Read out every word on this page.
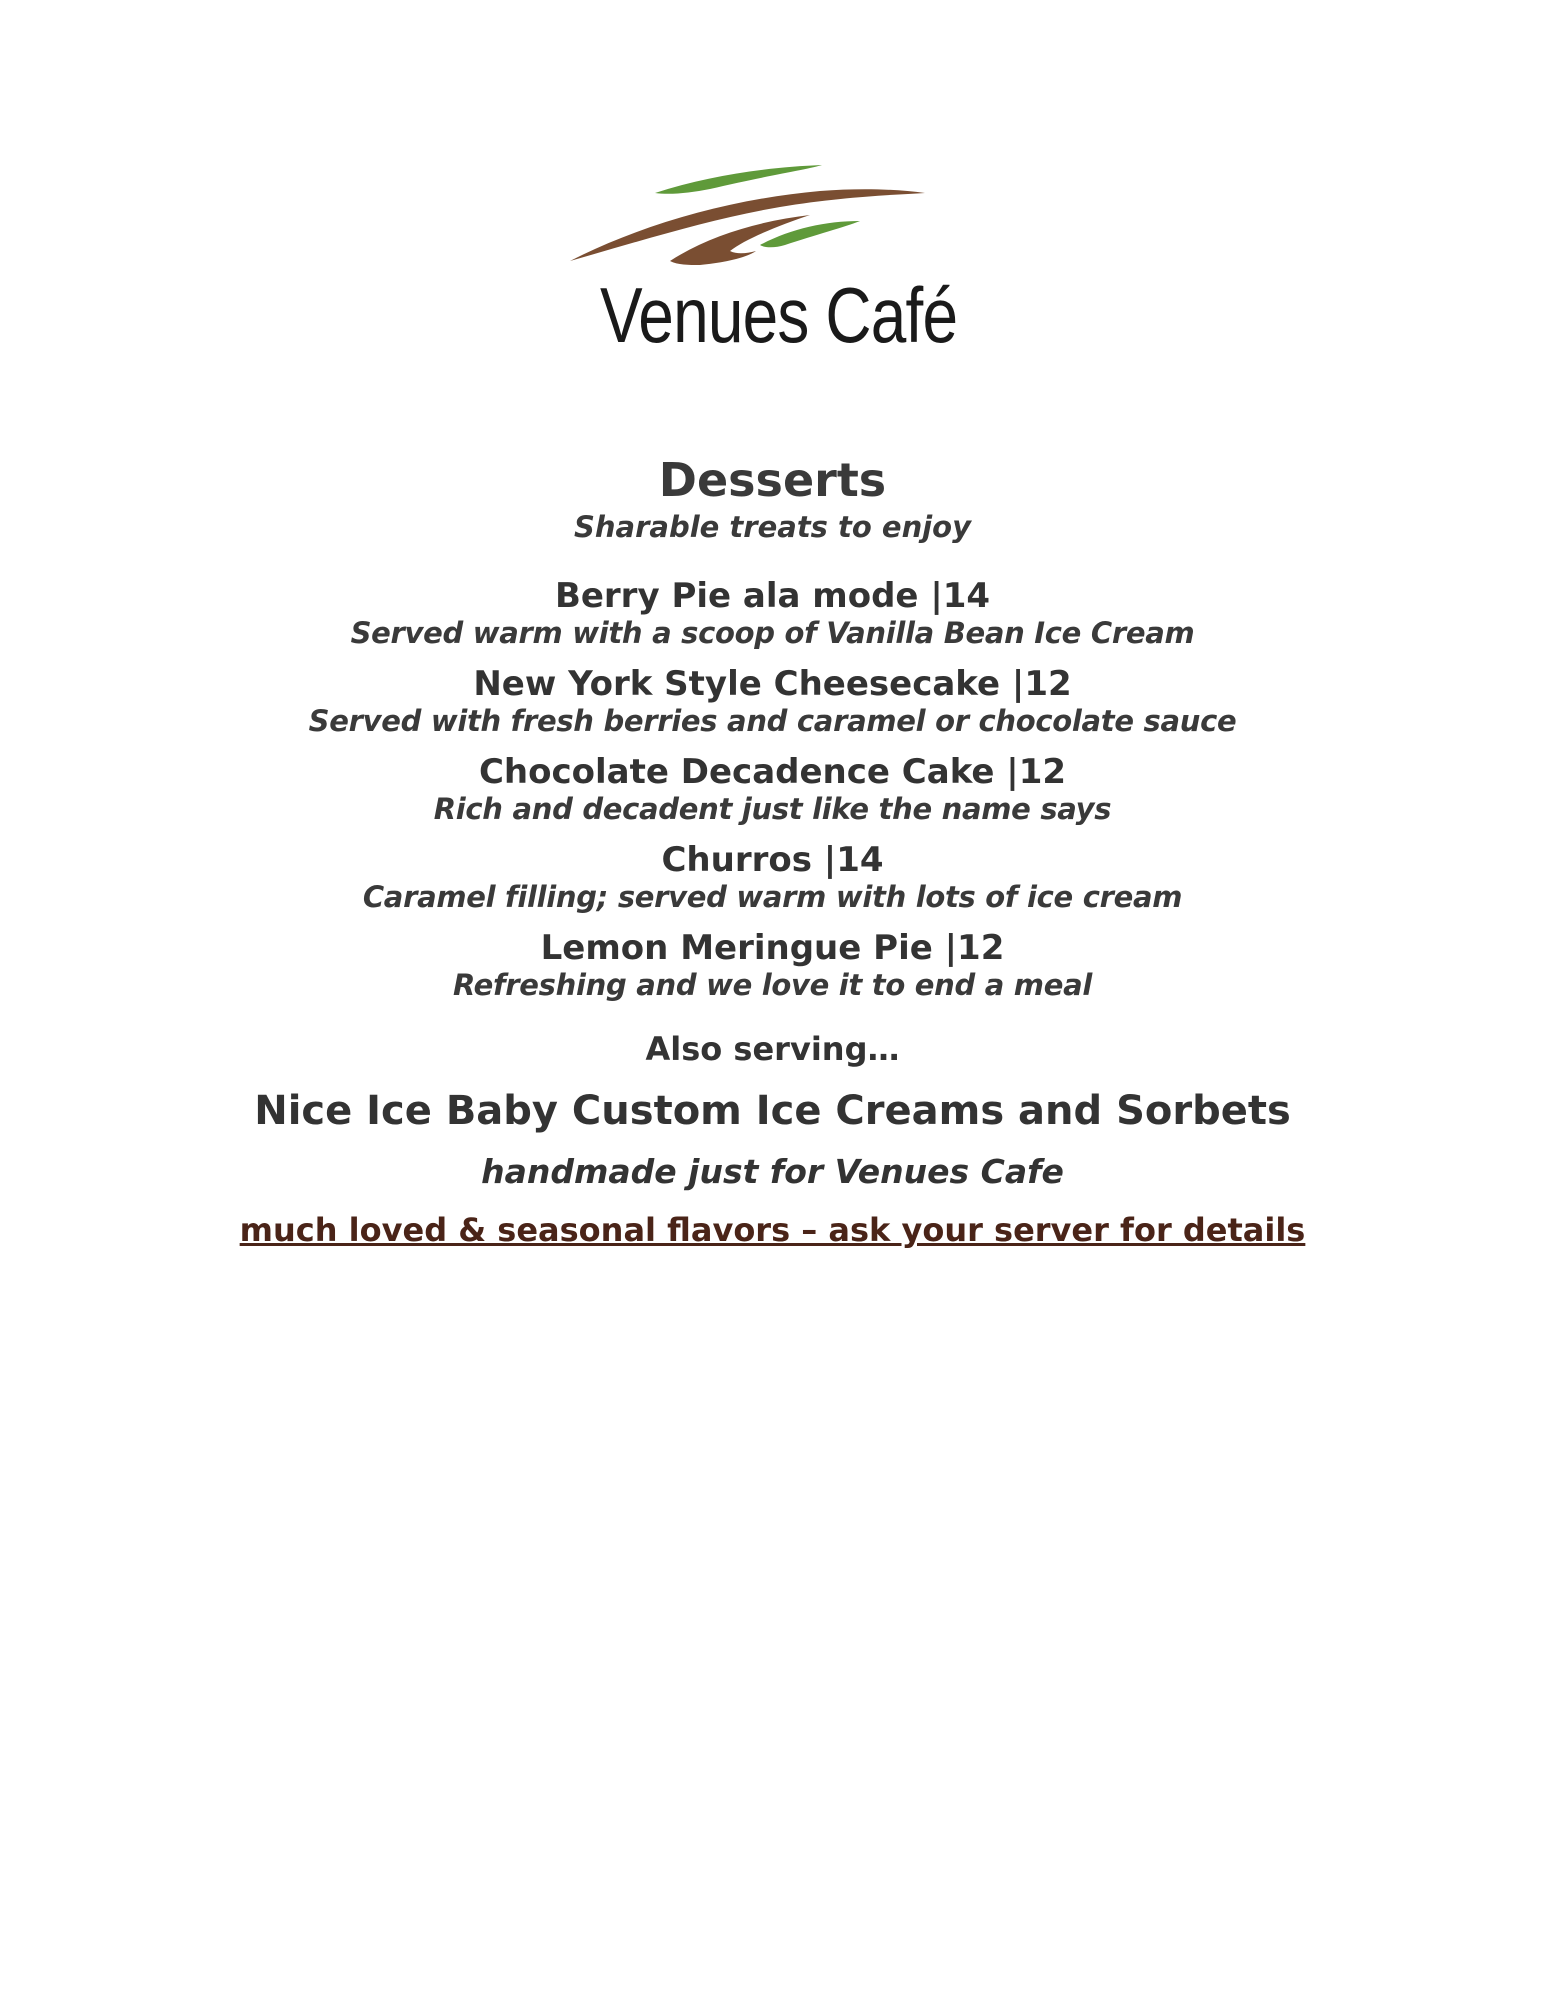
Venues Café
Desserts
Sharable treats to enjoy
Berry Pie ala mode |14
Served warm with a scoop of Vanilla Bean Ice Cream
New York Style Cheesecake |12
Served with fresh berries and caramel or chocolate sauce
Chocolate Decadence Cake |12
Rich and decadent just like the name says
Churros |14
Caramel filling; served warm with lots of ice cream
Lemon Meringue Pie |12
Refreshing and we love it to end a meal
Also serving…
Nice Ice Baby Custom Ice Creams and Sorbets
handmade just for Venues Cafe
much loved & seasonal flavors – ask your server for details
